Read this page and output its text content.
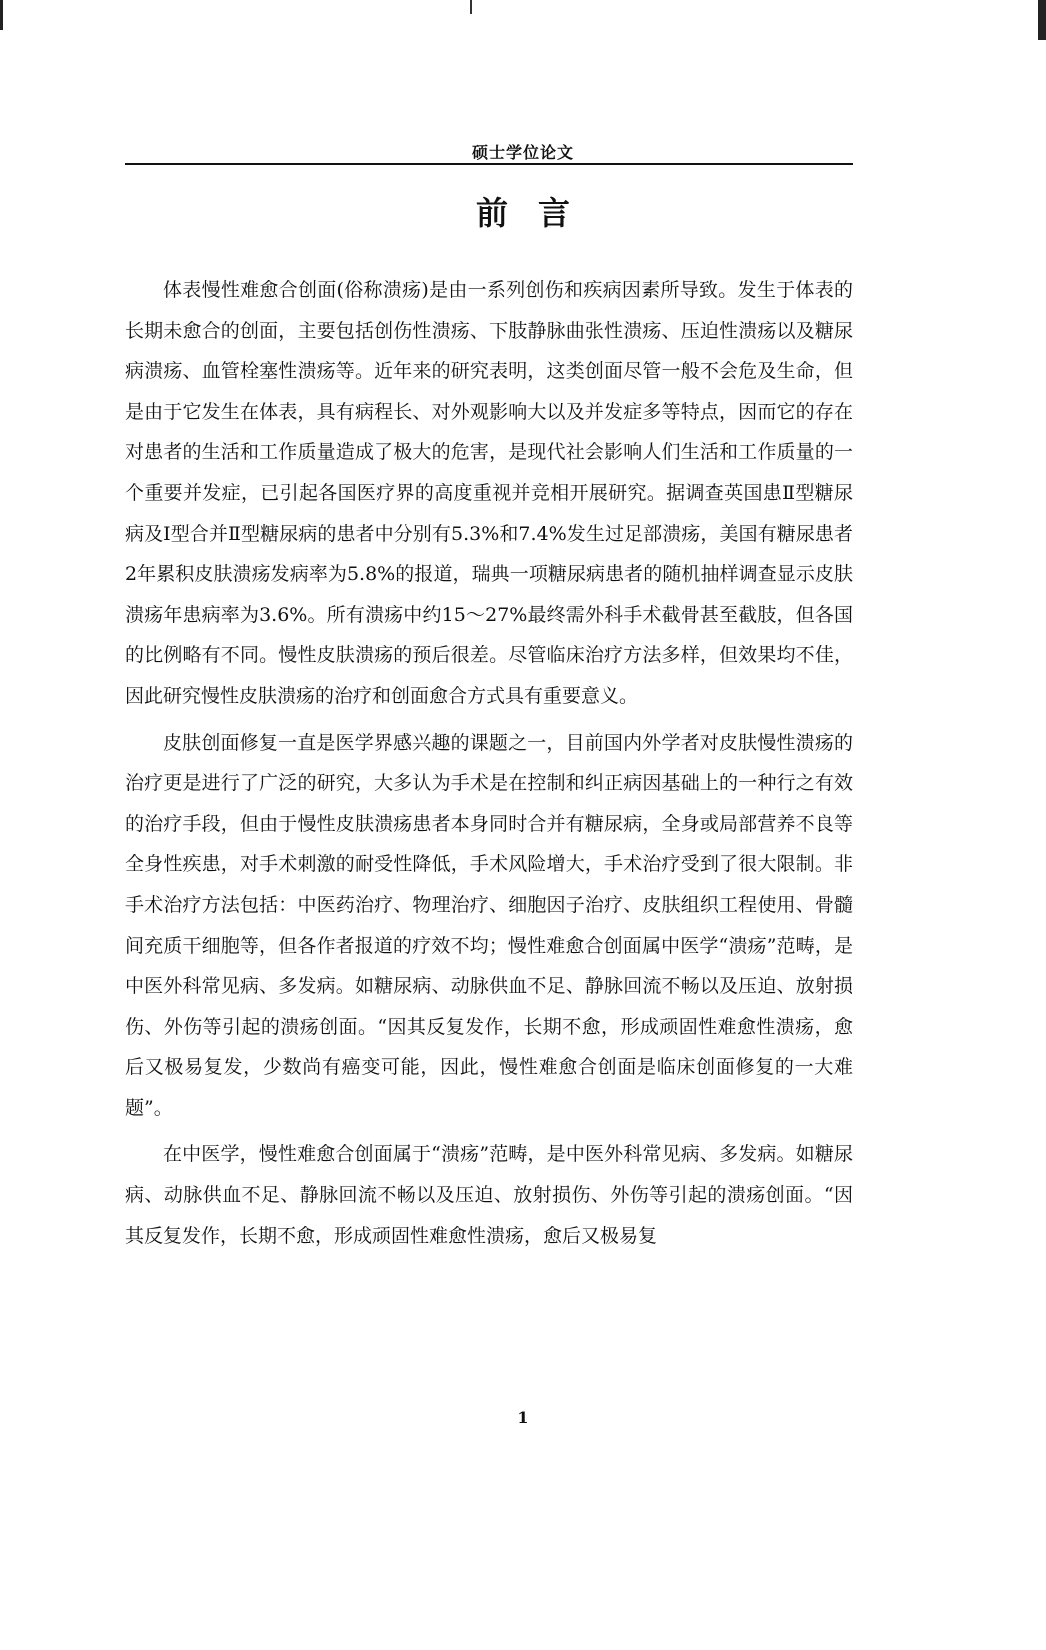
硕士学位论文
前言

体表慢性难愈合创面(俗称溃疡)是由一系列创伤和疾病因素所导致。发生于体表的长期未愈合的创面，主要包括创伤性溃疡、下肢静脉曲张性溃疡、压迫性溃疡以及糖尿病溃疡、血管栓塞性溃疡等。近年来的研究表明，这类创面尽管一般不会危及生命，但是由于它发生在体表，具有病程长、对外观影响大以及并发症多等特点，因而它的存在对患者的生活和工作质量造成了极大的危害，是现代社会影响人们生活和工作质量的一个重要并发症，已引起各国医疗界的高度重视并竞相开展研究。据调查英国患Ⅱ型糖尿病及Ⅰ型合并Ⅱ型糖尿病的患者中分别有5.3%和7.4%发生过足部溃疡，美国有糖尿患者2年累积皮肤溃疡发病率为5.8%的报道，瑞典一项糖尿病患者的随机抽样调查显示皮肤溃疡年患病率为3.6%。所有溃疡中约15～27%最终需外科手术截骨甚至截肢，但各国的比例略有不同。慢性皮肤溃疡的预后很差。尽管临床治疗方法多样，但效果均不佳，因此研究慢性皮肤溃疡的治疗和创面愈合方式具有重要意义。

皮肤创面修复一直是医学界感兴趣的课题之一，目前国内外学者对皮肤慢性溃疡的治疗更是进行了广泛的研究，大多认为手术是在控制和纠正病因基础上的一种行之有效的治疗手段，但由于慢性皮肤溃疡患者本身同时合并有糖尿病，全身或局部营养不良等全身性疾患，对手术刺激的耐受性降低，手术风险增大，手术治疗受到了很大限制。非手术治疗方法包括：中医药治疗、物理治疗、细胞因子治疗、皮肤组织工程使用、骨髓间充质干细胞等，但各作者报道的疗效不均；慢性难愈合创面属中医学“溃疡”范畴，是中医外科常见病、多发病。如糖尿病、动脉供血不足、静脉回流不畅以及压迫、放射损伤、外伤等引起的溃疡创面。“因其反复发作，长期不愈，形成顽固性难愈性溃疡，愈后又极易复发，少数尚有癌变可能，因此，慢性难愈合创面是临床创面修复的一大难题”。

在中医学，慢性难愈合创面属于“溃疡”范畴，是中医外科常见病、多发病。如糖尿病、动脉供血不足、静脉回流不畅以及压迫、放射损伤、外伤等引起的溃疡创面。“因其反复发作，长期不愈，形成顽固性难愈性溃疡，愈后又极易复

1
